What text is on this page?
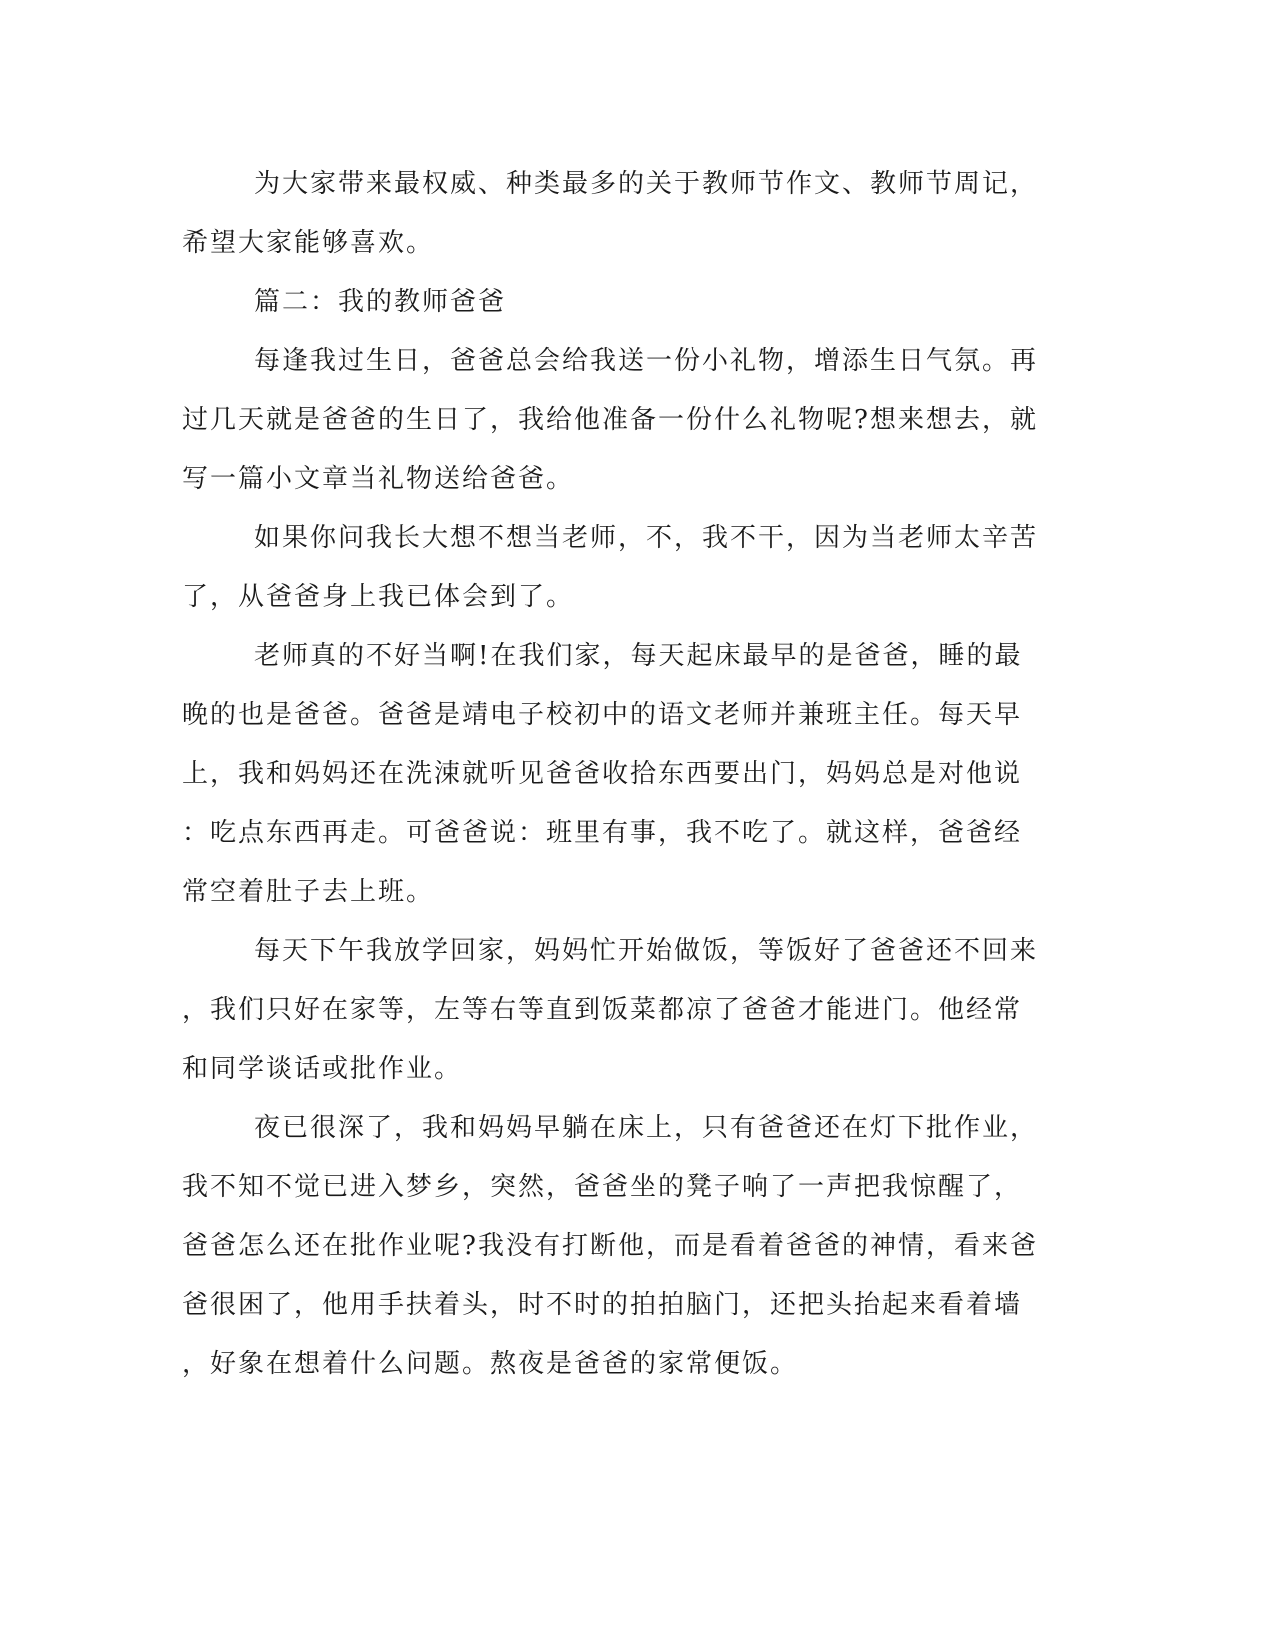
为大家带来最权威、种类最多的关于教师节作文、教师节周记，
希望大家能够喜欢。

篇二：我的教师爸爸

每逢我过生日，爸爸总会给我送一份小礼物，增添生日气氛。再
过几天就是爸爸的生日了，我给他准备一份什么礼物呢?想来想去，就
写一篇小文章当礼物送给爸爸。

如果你问我长大想不想当老师，不，我不干，因为当老师太辛苦
了，从爸爸身上我已体会到了。

老师真的不好当啊!在我们家，每天起床最早的是爸爸，睡的最
晚的也是爸爸。爸爸是靖电子校初中的语文老师并兼班主任。每天早
上，我和妈妈还在洗涑就听见爸爸收拾东西要出门，妈妈总是对他说
：吃点东西再走。可爸爸说：班里有事，我不吃了。就这样，爸爸经
常空着肚子去上班。

每天下午我放学回家，妈妈忙开始做饭，等饭好了爸爸还不回来
，我们只好在家等，左等右等直到饭菜都凉了爸爸才能进门。他经常
和同学谈话或批作业。

夜已很深了，我和妈妈早躺在床上，只有爸爸还在灯下批作业，
我不知不觉已进入梦乡，突然，爸爸坐的凳子响了一声把我惊醒了，
爸爸怎么还在批作业呢?我没有打断他，而是看着爸爸的神情，看来爸
爸很困了，他用手扶着头，时不时的拍拍脑门，还把头抬起来看着墙
，好象在想着什么问题。熬夜是爸爸的家常便饭。
